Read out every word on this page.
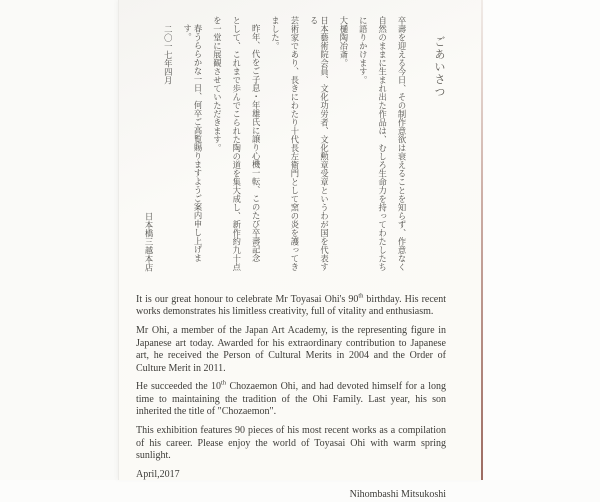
ごあいさつ
卒壽を迎える今日、その制作意欲は衰えることを知らず、作意なく
自然のままに生まれ出た作品は、むしろ生命力を持ってわたしたち
に語りかけます。
大樋陶冶斎。
日本藝術院会員、文化功労者、文化勲章受章というわが国を代表する
芸術家であり、長きにわたり十代長左衛門として窯の炎を護ってき
ました。
昨年、代をご子息・年雄氏に譲り心機一転、このたび卒壽記念
として、これまで歩んでこられた陶の道を集大成し、新作約九十点
を一堂に展観させていただきます。
春うららかな一日、何卒ご高覧賜りますようご案内申し上げます。
二〇一七年四月
日本橋三越本店

It is our great honour to celebrate Mr Toyasai Ohi's 90th birthday. His recent works demonstrates his limitless creativity, full of vitality and enthusiasm.

Mr Ohi, a member of the Japan Art Academy, is the representing figure in Japanese art today. Awarded for his extraordinary contribution to Japanese art, he received the Person of Cultural Merits in 2004 and the Order of Culture Merit in 2011.

He succeeded the 10th Chozaemon Ohi, and had devoted himself for a long time to maintaining the tradition of the Ohi Family. Last year, his son inherited the title of "Chozaemon".

This exhibition features 90 pieces of his most recent works as a compilation of his career. Please enjoy the world of Toyasai Ohi with warm spring sunlight.

April,2017

Nihombashi Mitsukoshi
